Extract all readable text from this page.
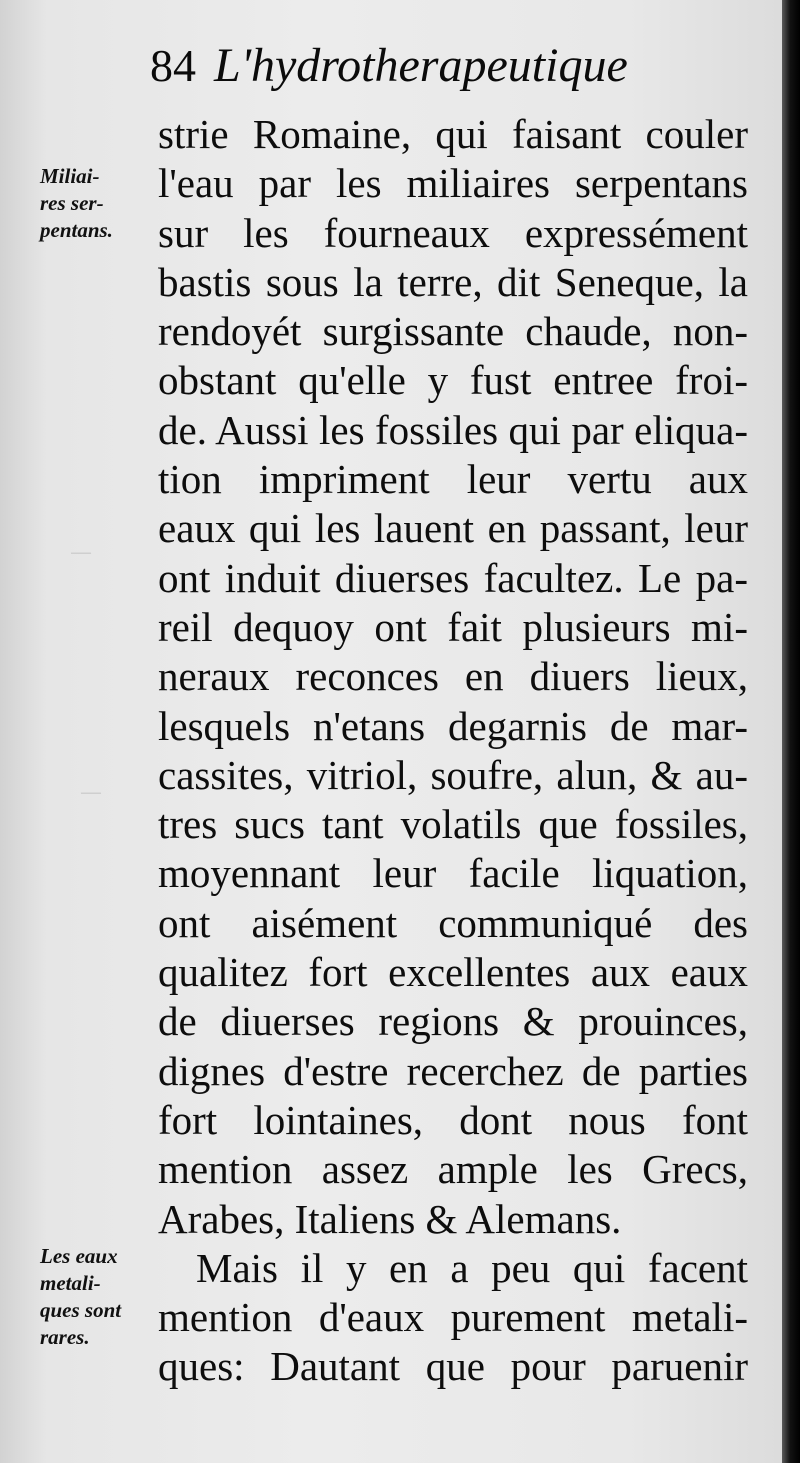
—
—
84 L'hydrotherapeutique
Miliai-
res ser-
pentans.
Les eaux
metali-
ques sont
rares.
strie Romaine, qui faisant couler
l'eau par les miliaires serpentans
sur les fourneaux expressément
bastis sous la terre, dit Seneque, la
rendoyét surgissante chaude, non-
obstant qu'elle y fust entree froi-
de. Aussi les fossiles qui par eliqua-
tion impriment leur vertu aux
eaux qui les lauent en passant, leur
ont induit diuerses facultez. Le pa-
reil dequoy ont fait plusieurs mi-
neraux reconces en diuers lieux,
lesquels n'etans degarnis de mar-
cassites, vitriol, soufre, alun, & au-
tres sucs tant volatils que fossiles,
moyennant leur facile liquation,
ont aisément communiqué des
qualitez fort excellentes aux eaux
de diuerses regions & prouinces,
dignes d'estre recerchez de parties
fort lointaines, dont nous font
mention assez ample les Grecs,
Arabes, Italiens & Alemans.
Mais il y en a peu qui facent
mention d'eaux purement metali-
ques: Dautant que pour paruenir
